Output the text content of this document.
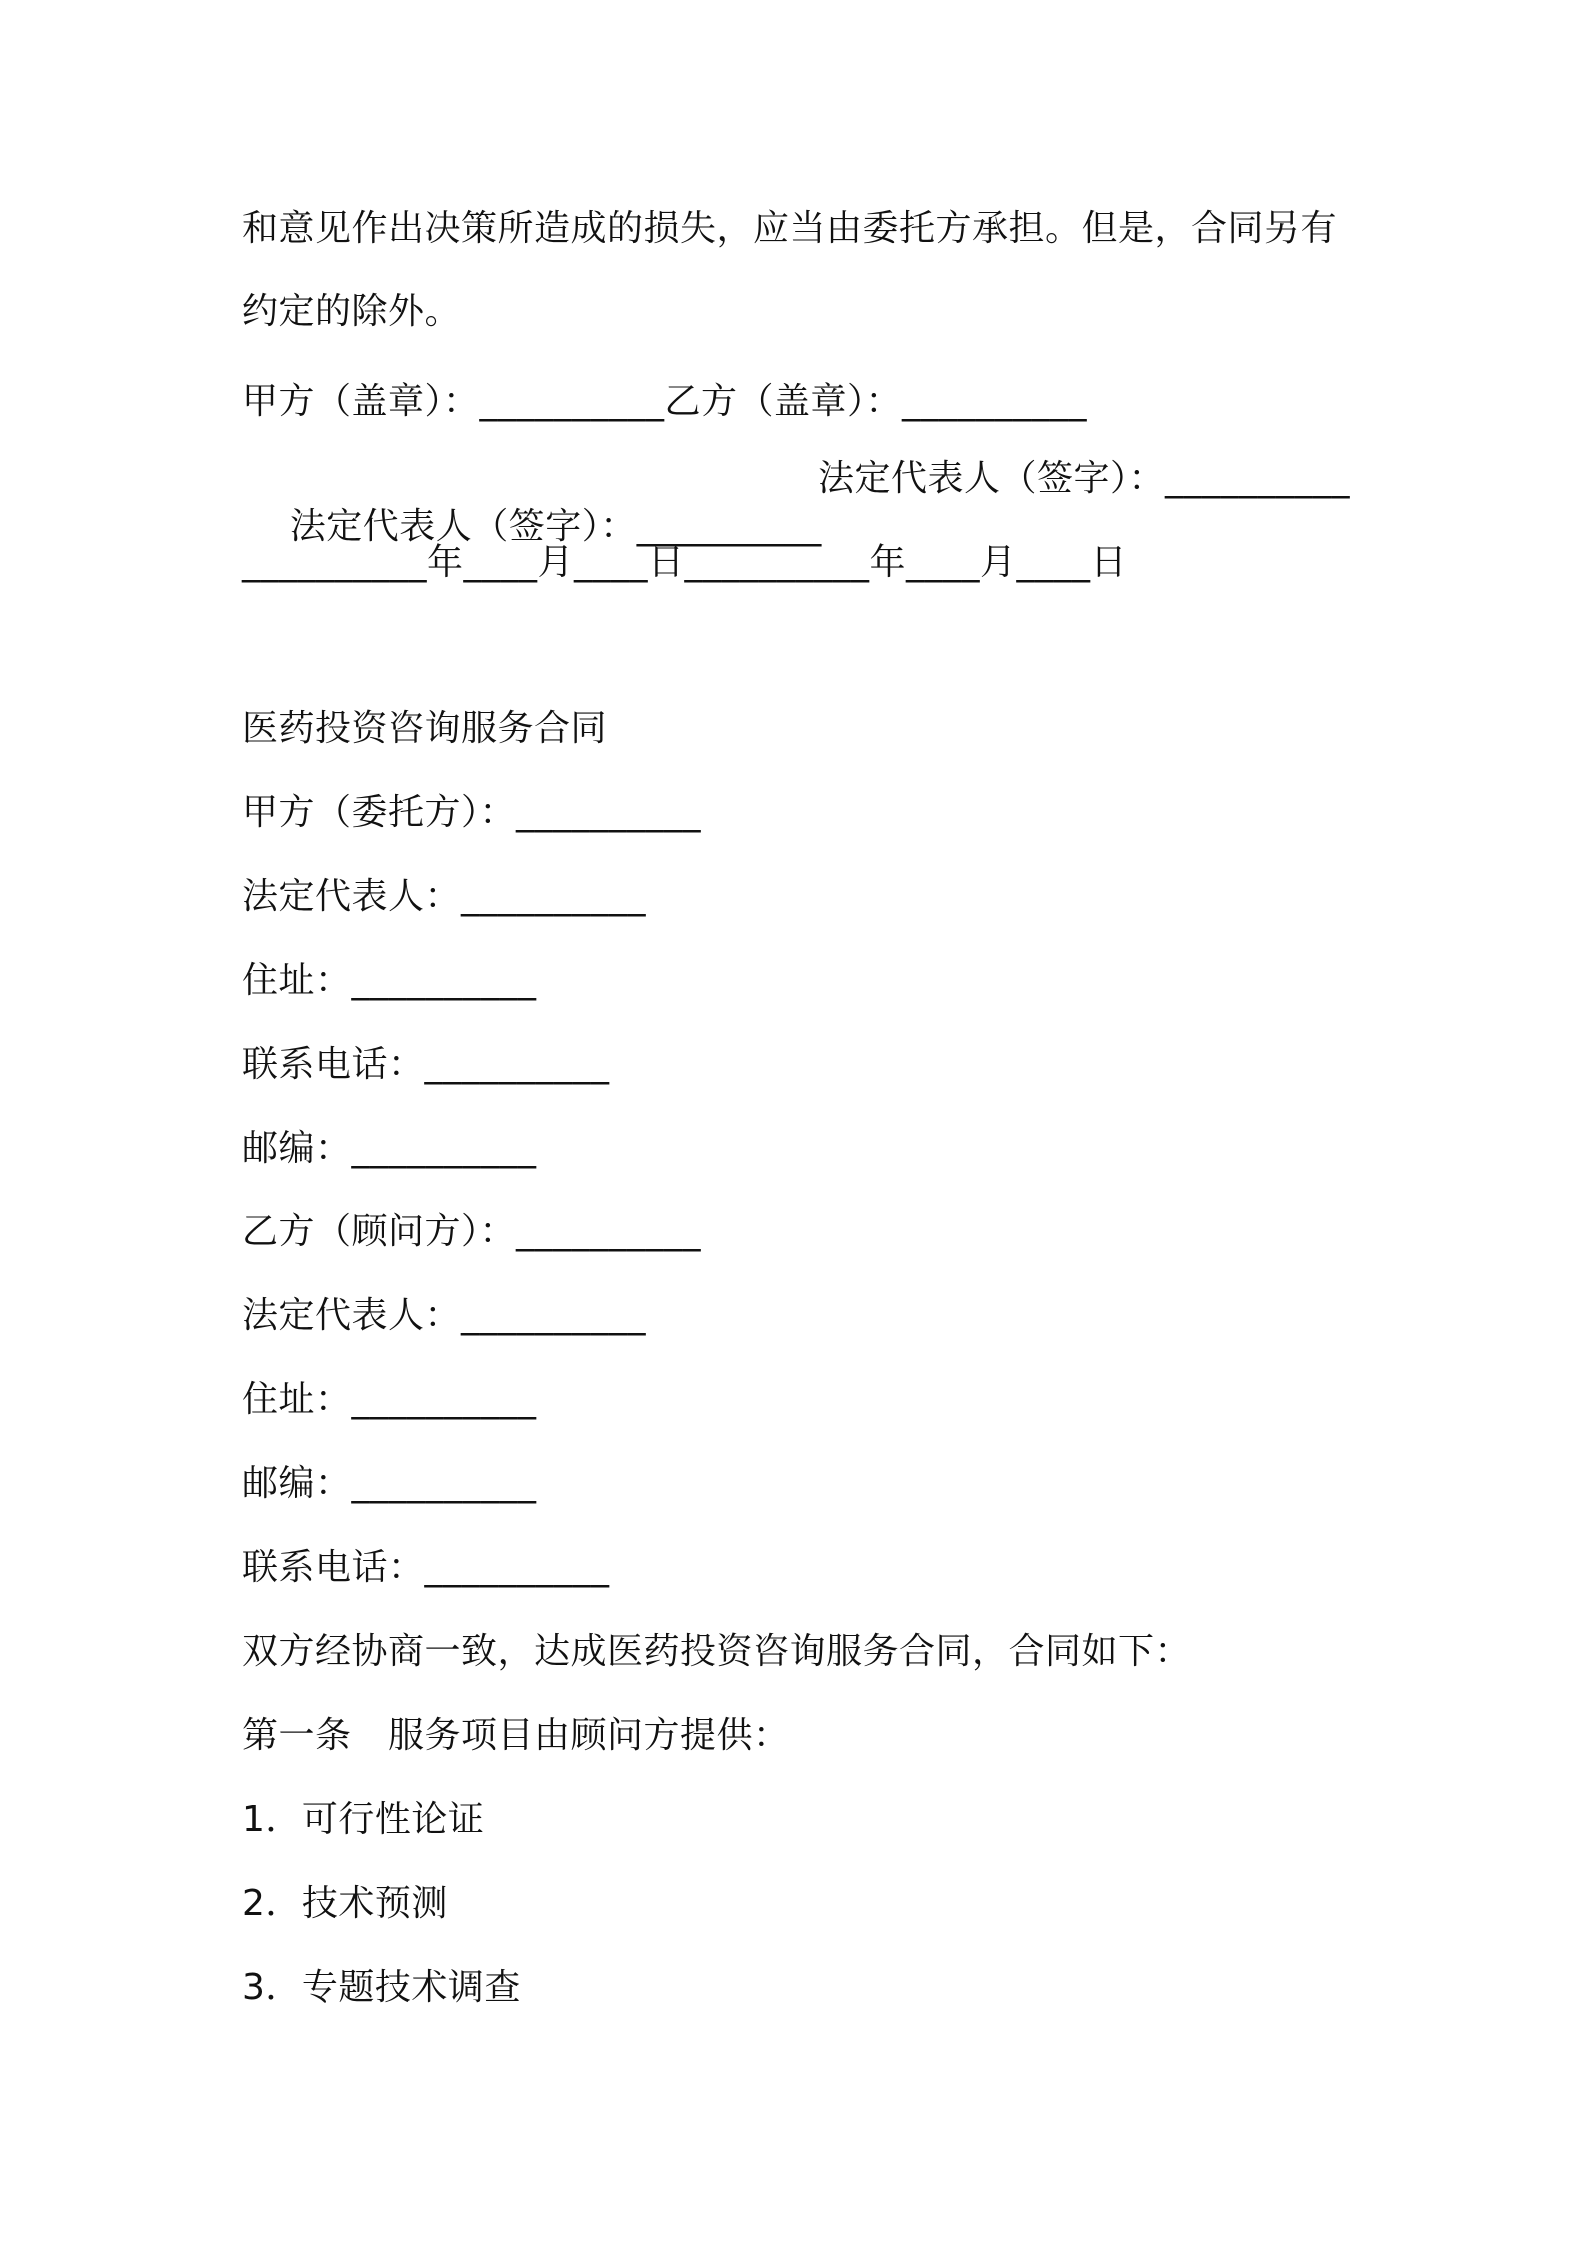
和意见作出决策所造成的损失，应当由委托方承担。但是，合同另有
约定的除外。
甲方（盖章）：__________乙方（盖章）：__________

法定代表人（签字）：__________

法定代表人（签字）：__________

__________年____月____日__________年____月____日
医药投资咨询服务合同
甲方（委托方）：__________
法定代表人：__________
住址：__________
联系电话：__________
邮编：__________
乙方（顾问方）：__________
法定代表人：__________
住址：__________
邮编：__________
联系电话：__________
双方经协商一致，达成医药投资咨询服务合同，合同如下：
第一条　服务项目由顾问方提供：
1．可行性论证
2．技术预测
3．专题技术调查
